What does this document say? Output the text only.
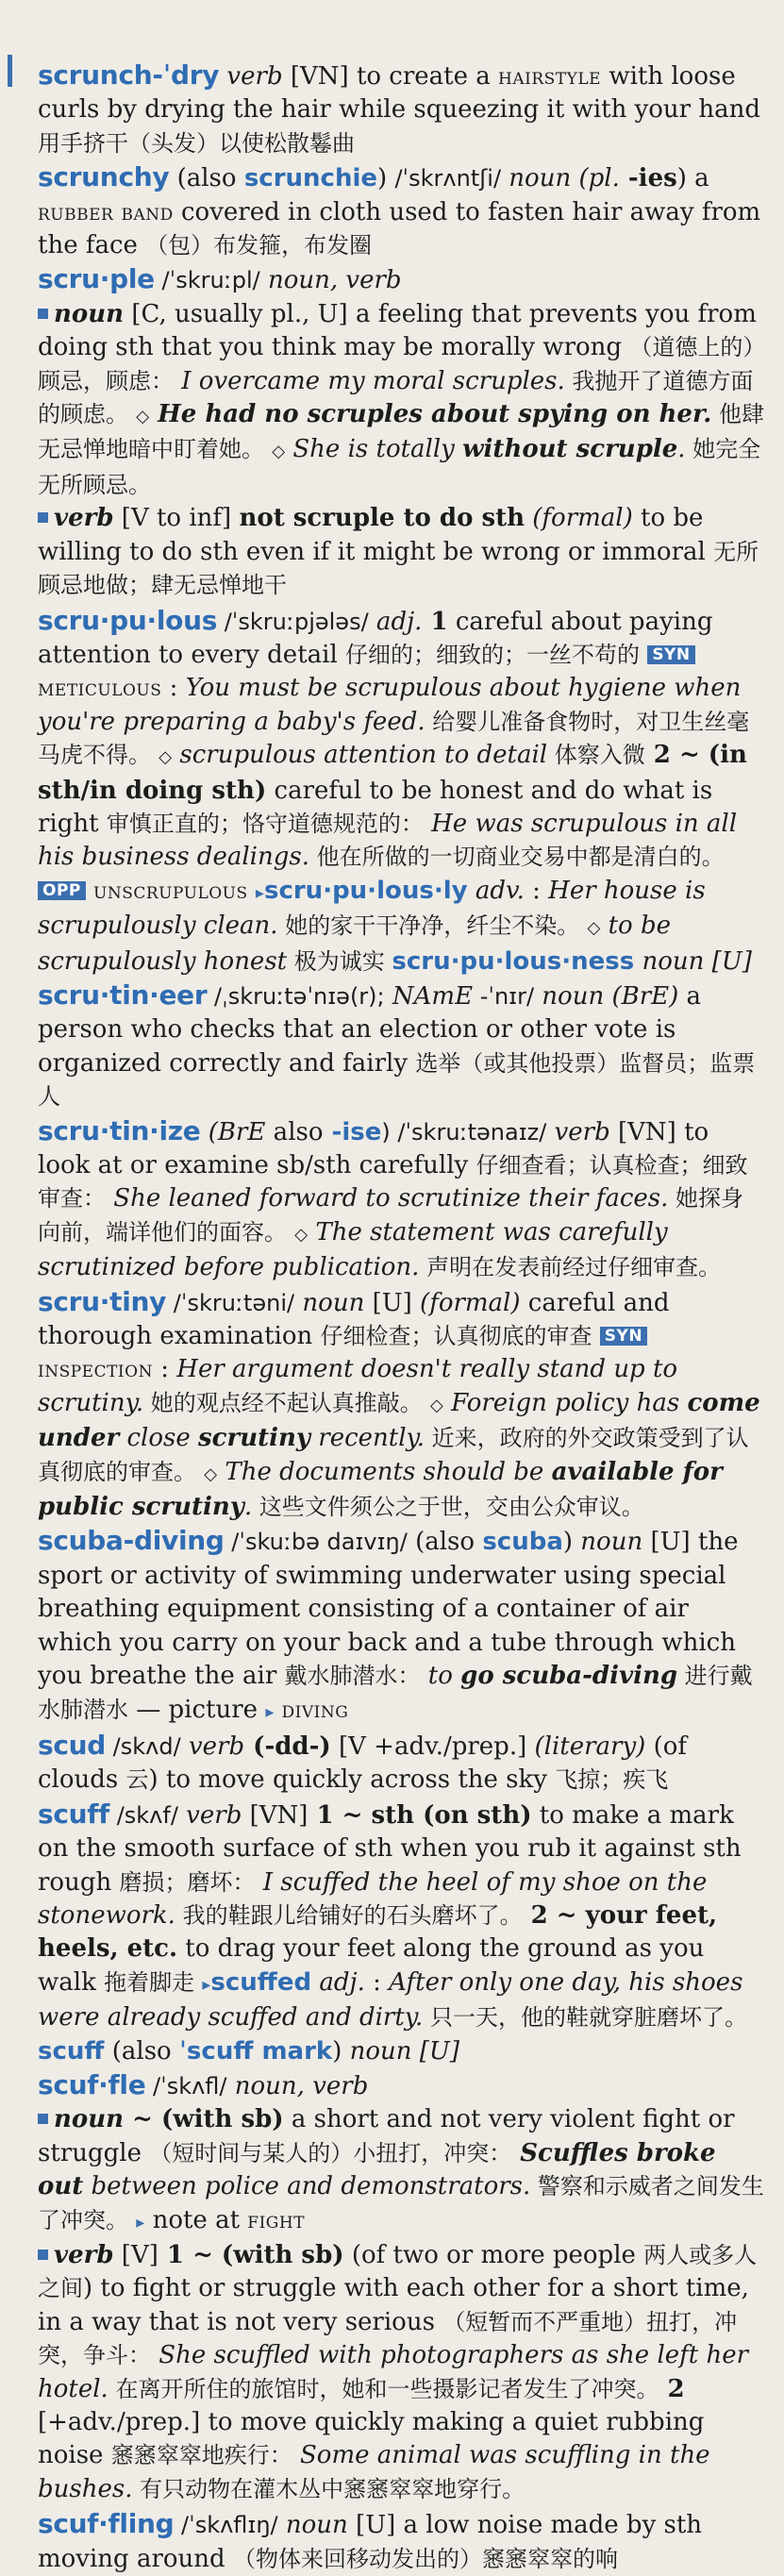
scrunch-ˈdry verb [VN] to create a hairstyle with loose curls by drying the hair while squeezing it with your hand 用手挤干（头发）以使松散鬈曲

scrunchy (also scrunchie) /ˈskrʌntʃi/ noun (pl. -ies) a rubber band covered in cloth used to fasten hair away from the face （包）布发箍，布发圈

scru·ple /ˈskruːpl/ noun, verb

noun [C, usually pl., U] a feeling that prevents you from doing sth that you think may be morally wrong （道德上的）顾忌，顾虑： I overcame my moral scruples. 我抛开了道德方面的顾虑。 ◇ He had no scruples about spying on her. 他肆无忌惮地暗中盯着她。 ◇ She is totally without scruple. 她完全无所顾忌。

verb [V to inf] not scruple to do sth (formal) to be willing to do sth even if it might be wrong or immoral 无所顾忌地做；肆无忌惮地干

scru·pu·lous /ˈskruːpjələs/ adj. 1 careful about paying attention to every detail 仔细的；细致的；一丝不苟的 SYN meticulous : You must be scrupulous about hygiene when you're preparing a baby's feed. 给婴儿准备食物时，对卫生丝毫马虎不得。 ◇ scrupulous attention to detail 体察入微 2 ~ (in sth/in doing sth) careful to be honest and do what is right 审慎正直的；恪守道德规范的： He was scrupulous in all his business dealings. 他在所做的一切商业交易中都是清白的。 OPP unscrupulous ▸scru·pu·lous·ly adv. : Her house is scrupulously clean. 她的家干干净净，纤尘不染。 ◇ to be scrupulously honest 极为诚实 scru·pu·lous·ness noun [U]

scru·tin·eer /ˌskruːtəˈnɪə(r); NAmE -ˈnɪr/ noun (BrE) a person who checks that an election or other vote is organized correctly and fairly 选举（或其他投票）监督员；监票人

scru·tin·ize (BrE also -ise) /ˈskruːtənaɪz/ verb [VN] to look at or examine sb/sth carefully 仔细查看；认真检查；细致审查： She leaned forward to scrutinize their faces. 她探身向前，端详他们的面容。 ◇ The statement was carefully scrutinized before publication. 声明在发表前经过仔细审查。

scru·tiny /ˈskruːtəni/ noun [U] (formal) careful and thorough examination 仔细检查；认真彻底的审查 SYN inspection : Her argument doesn't really stand up to scrutiny. 她的观点经不起认真推敲。 ◇ Foreign policy has come under close scrutiny recently. 近来，政府的外交政策受到了认真彻底的审查。 ◇ The documents should be available for public scrutiny. 这些文件须公之于世，交由公众审议。

scuba-diving /ˈskuːbə daɪvɪŋ/ (also scuba) noun [U] the sport or activity of swimming underwater using special breathing equipment consisting of a container of air which you carry on your back and a tube through which you breathe the air 戴水肺潜水： to go scuba-diving 进行戴水肺潜水 — picture ▸ diving

scud /skʌd/ verb (-dd-) [V +adv./prep.] (literary) (of clouds 云) to move quickly across the sky 飞掠；疾飞

scuff /skʌf/ verb [VN] 1 ~ sth (on sth) to make a mark on the smooth surface of sth when you rub it against sth rough 磨损；磨坏： I scuffed the heel of my shoe on the stonework. 我的鞋跟儿给铺好的石头磨坏了。 2 ~ your feet, heels, etc. to drag your feet along the ground as you walk 拖着脚走 ▸scuffed adj. : After only one day, his shoes were already scuffed and dirty. 只一天，他的鞋就穿脏磨坏了。 scuff (also ˈscuff mark) noun [U]

scuf·fle /ˈskʌfl/ noun, verb

noun ~ (with sb) a short and not very violent fight or struggle （短时间与某人的）小扭打，冲突： Scuffles broke out between police and demonstrators. 警察和示威者之间发生了冲突。 ▸ note at fight

verb [V] 1 ~ (with sb) (of two or more people 两人或多人之间) to fight or struggle with each other for a short time, in a way that is not very serious （短暂而不严重地）扭打，冲突，争斗： She scuffled with photographers as she left her hotel. 在离开所住的旅馆时，她和一些摄影记者发生了冲突。 2 [+adv./prep.] to move quickly making a quiet rubbing noise 窸窸窣窣地疾行： Some animal was scuffling in the bushes. 有只动物在灌木丛中窸窸窣窣地穿行。

scuf·fling /ˈskʌflɪŋ/ noun [U] a low noise made by sth moving around （物体来回移动发出的）窸窸窣窣的响
